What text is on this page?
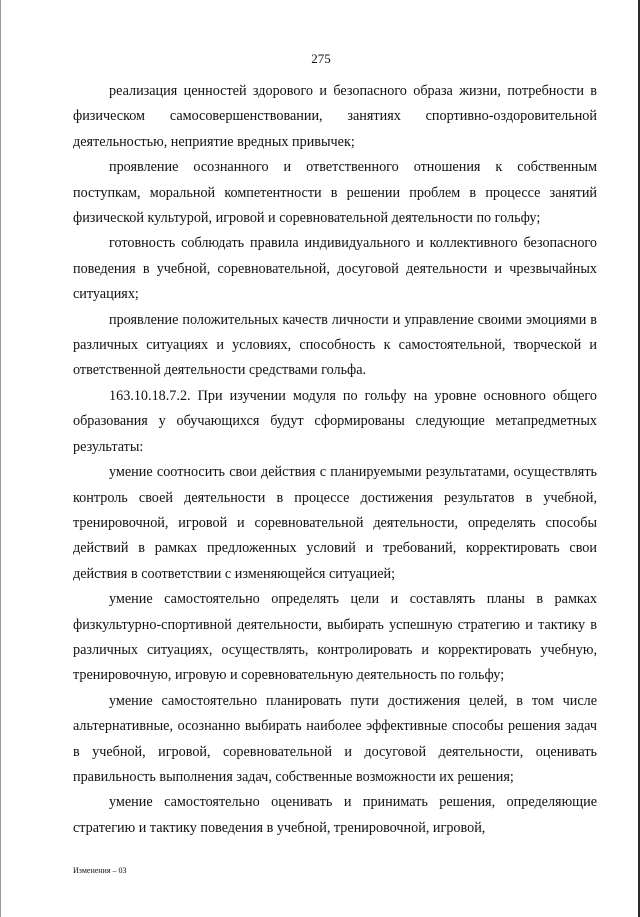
275

реализация ценностей здорового и безопасного образа жизни, потребности в физическом самосовершенствовании, занятиях спортивно-оздоровительной деятельностью, неприятие вредных привычек;

проявление осознанного и ответственного отношения к собственным поступкам, моральной компетентности в решении проблем в процессе занятий физической культурой, игровой и соревновательной деятельности по гольфу;

готовность соблюдать правила индивидуального и коллективного безопасного поведения в учебной, соревновательной, досуговой деятельности и чрезвычайных ситуациях;

проявление положительных качеств личности и управление своими эмоциями в различных ситуациях и условиях, способность к самостоятельной, творческой и ответственной деятельности средствами гольфа.

163.10.18.7.2. При изучении модуля по гольфу на уровне основного общего образования у обучающихся будут сформированы следующие метапредметных результаты:

умение соотносить свои действия с планируемыми результатами, осуществлять контроль своей деятельности в процессе достижения результатов в учебной, тренировочной, игровой и соревновательной деятельности, определять способы действий в рамках предложенных условий и требований, корректировать свои действия в соответствии с изменяющейся ситуацией;

умение самостоятельно определять цели и составлять планы в рамках физкультурно-спортивной деятельности, выбирать успешную стратегию и тактику в различных ситуациях, осуществлять, контролировать и корректировать учебную, тренировочную, игровую и соревновательную деятельность по гольфу;

умение самостоятельно планировать пути достижения целей, в том числе альтернативные, осознанно выбирать наиболее эффективные способы решения задач в учебной, игровой, соревновательной и досуговой деятельности, оценивать правильность выполнения задач, собственные возможности их решения;

умение самостоятельно оценивать и принимать решения, определяющие стратегию и тактику поведения в учебной, тренировочной, игровой,

Изменения – 03
